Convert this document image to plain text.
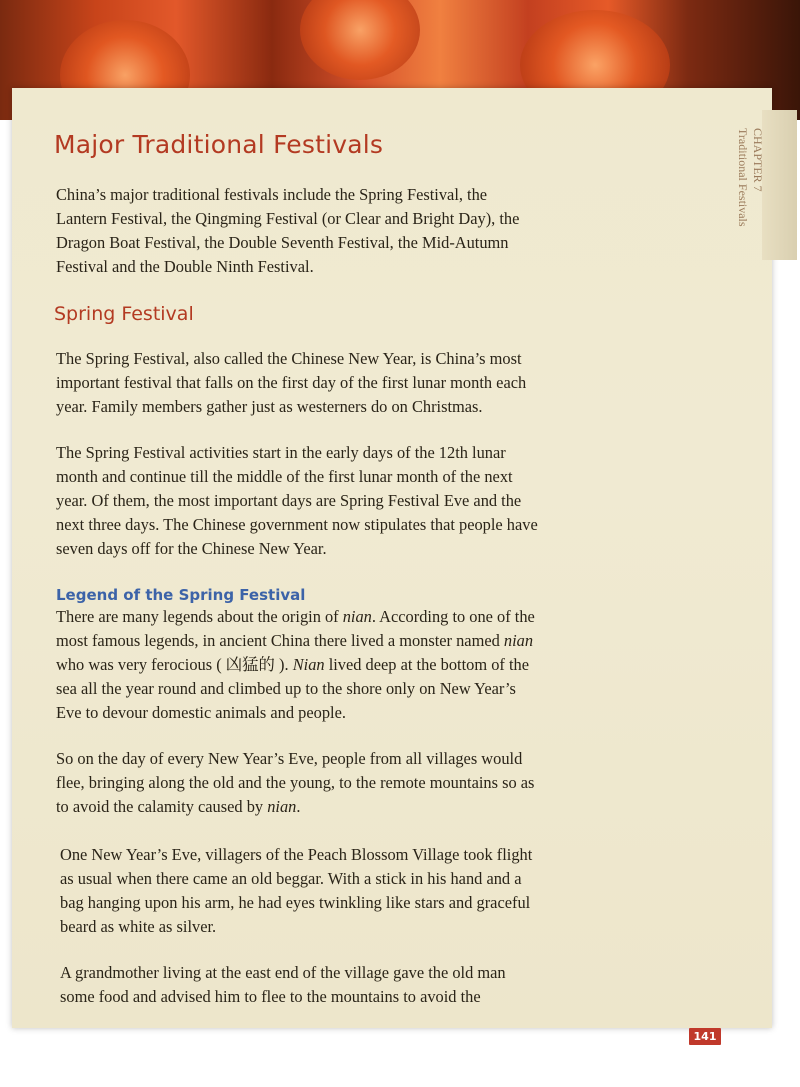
CHAPTER 7
Traditional Festivals
Major Traditional Festivals

China’s major traditional festivals include the Spring Festival, the Lantern Festival, the Qingming Festival (or Clear and Bright Day), the Dragon Boat Festival, the Double Seventh Festival, the Mid-Autumn Festival and the Double Ninth Festival.

Spring Festival

The Spring Festival, also called the Chinese New Year, is China’s most important festival that falls on the first day of the first lunar month each year. Family members gather just as westerners do on Christmas.

The Spring Festival activities start in the early days of the 12th lunar month and continue till the middle of the first lunar month of the next year. Of them, the most important days are Spring Festival Eve and the next three days. The Chinese government now stipulates that people have seven days off for the Chinese New Year.

Legend of the Spring Festival

There are many legends about the origin of nian. According to one of the most famous legends, in ancient China there lived a monster named nian who was very ferocious ( 凶猛的 ). Nian lived deep at the bottom of the sea all the year round and climbed up to the shore only on New Year’s Eve to devour domestic animals and people.

So on the day of every New Year’s Eve, people from all villages would flee, bringing along the old and the young, to the remote mountains so as to avoid the calamity caused by nian.

One New Year’s Eve, villagers of the Peach Blossom Village took flight as usual when there came an old beggar. With a stick in his hand and a bag hanging upon his arm, he had eyes twinkling like stars and graceful beard as white as silver.

A grandmother living at the east end of the village gave the old man some food and advised him to flee to the mountains to avoid the

141
